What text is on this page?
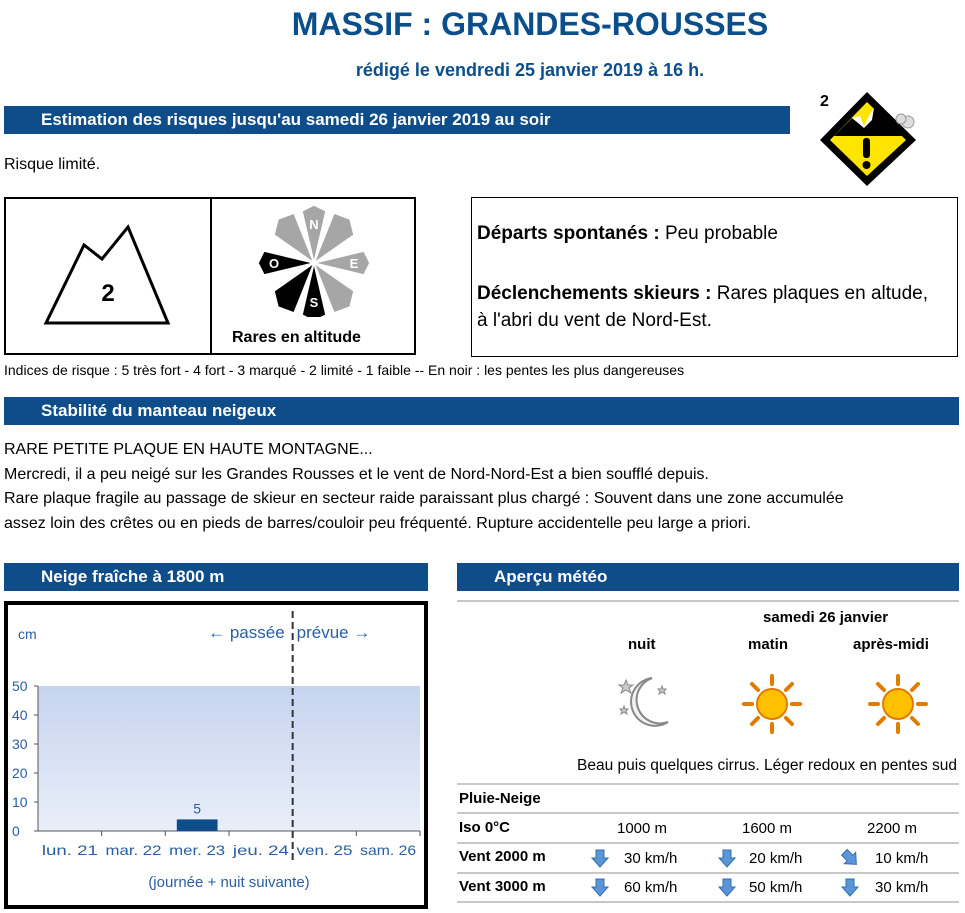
MASSIF : GRANDES-ROUSSES
rédigé le vendredi 25 janvier 2019 à 16 h.
Estimation des risques jusqu'au samedi 26 janvier 2019 au soir
2
Risque limité.
2
N
E
S
O
Rares en altitude
Départs spontanés : Peu probable
Déclenchements skieurs : Rares plaques en altude, à l'abri du vent de Nord-Est.
Indices de risque : 5 très fort - 4 fort - 3 marqué - 2 limité - 1 faible -- En noir : les pentes les plus dangereuses
Stabilité du manteau neigeux
RARE PETITE PLAQUE EN HAUTE MONTAGNE...
Mercredi, il a peu neigé sur les Grandes Rousses et le vent de Nord-Nord-Est a bien soufflé depuis.
Rare plaque fragile au passage de skieur en secteur raide paraissant plus chargé : Souvent dans une zone accumulée
assez loin des crêtes ou en pieds de barres/couloir peu fréquenté. Rupture accidentelle peu large a priori.
Neige fraîche à 1800 m
0
10
20
30
40
50
cm
lun. 21 mar. 22 mer. 23
5
jeu. 24 ven. 25 sam. 26
← passée prévue →
(journée + nuit suivante)
Aperçu météo
samedi 26 janvier
nuit	matin	après-midi
Beau puis quelques cirrus. Léger redoux en pentes sud
Pluie-Neige
Iso 0°C	1000 m	1600 m	2200 m
Vent 2000 m	30 km/h	20 km/h	10 km/h
Vent 3000 m	60 km/h	50 km/h	30 km/h
